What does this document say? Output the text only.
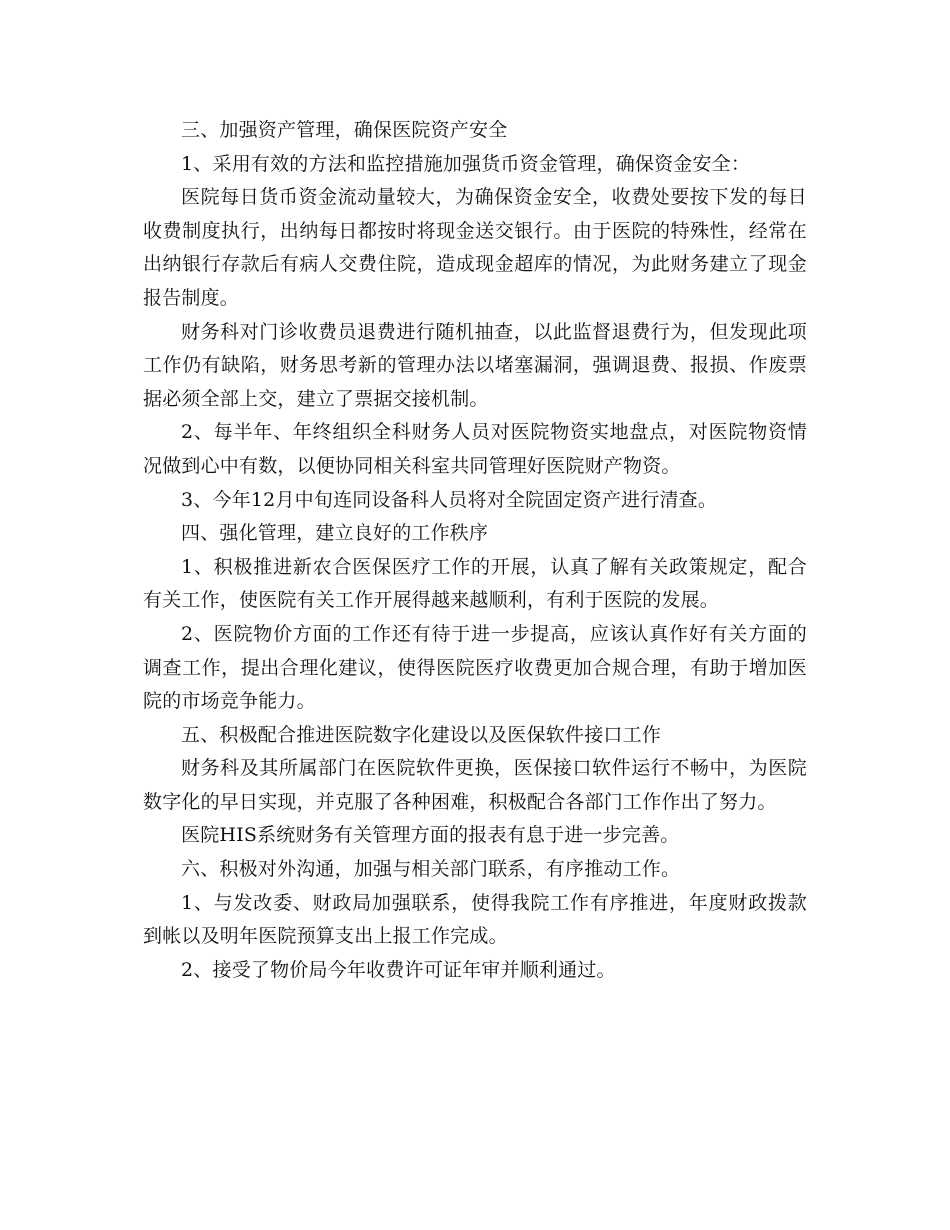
三、加强资产管理，确保医院资产安全

1、采用有效的方法和监控措施加强货币资金管理，确保资金安全：

医院每日货币资金流动量较大，为确保资金安全，收费处要按下发的每日收费制度执行，出纳每日都按时将现金送交银行。由于医院的特殊性，经常在出纳银行存款后有病人交费住院，造成现金超库的情况，为此财务建立了现金报告制度。

财务科对门诊收费员退费进行随机抽查，以此监督退费行为，但发现此项工作仍有缺陷，财务思考新的管理办法以堵塞漏洞，强调退费、报损、作废票据必须全部上交，建立了票据交接机制。

2、每半年、年终组织全科财务人员对医院物资实地盘点，对医院物资情况做到心中有数，以便协同相关科室共同管理好医院财产物资。

3、今年12月中旬连同设备科人员将对全院固定资产进行清查。

四、强化管理，建立良好的工作秩序

1、积极推进新农合医保医疗工作的开展，认真了解有关政策规定，配合有关工作，使医院有关工作开展得越来越顺利，有利于医院的发展。

2、医院物价方面的工作还有待于进一步提高，应该认真作好有关方面的调查工作，提出合理化建议，使得医院医疗收费更加合规合理，有助于增加医院的市场竞争能力。

五、积极配合推进医院数字化建设以及医保软件接口工作

财务科及其所属部门在医院软件更换，医保接口软件运行不畅中，为医院数字化的早日实现，并克服了各种困难，积极配合各部门工作作出了努力。

医院HIS系统财务有关管理方面的报表有息于进一步完善。

六、积极对外沟通，加强与相关部门联系，有序推动工作。

1、与发改委、财政局加强联系，使得我院工作有序推进，年度财政拨款到帐以及明年医院预算支出上报工作完成。

2、接受了物价局今年收费许可证年审并顺利通过。
